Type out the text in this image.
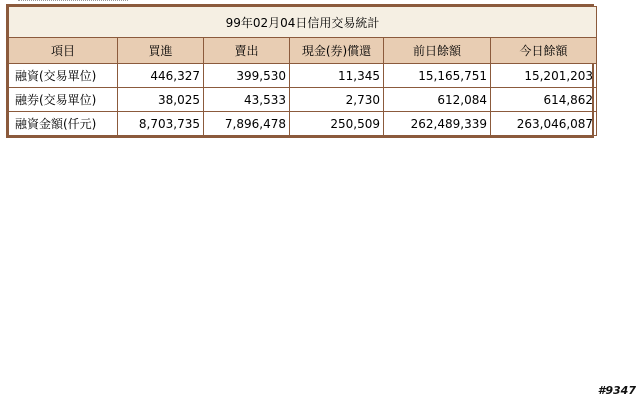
99年02月04日信用交易統計					
項目	買進	賣出	現金(券)償還	前日餘額	今日餘額
融資(交易單位)	446,327	399,530	11,345	15,165,751	15,201,203
融券(交易單位)	38,025	43,533	2,730	612,084	614,862
融資金額(仟元)	8,703,735	7,896,478	250,509	262,489,339	263,046,087
#9347
